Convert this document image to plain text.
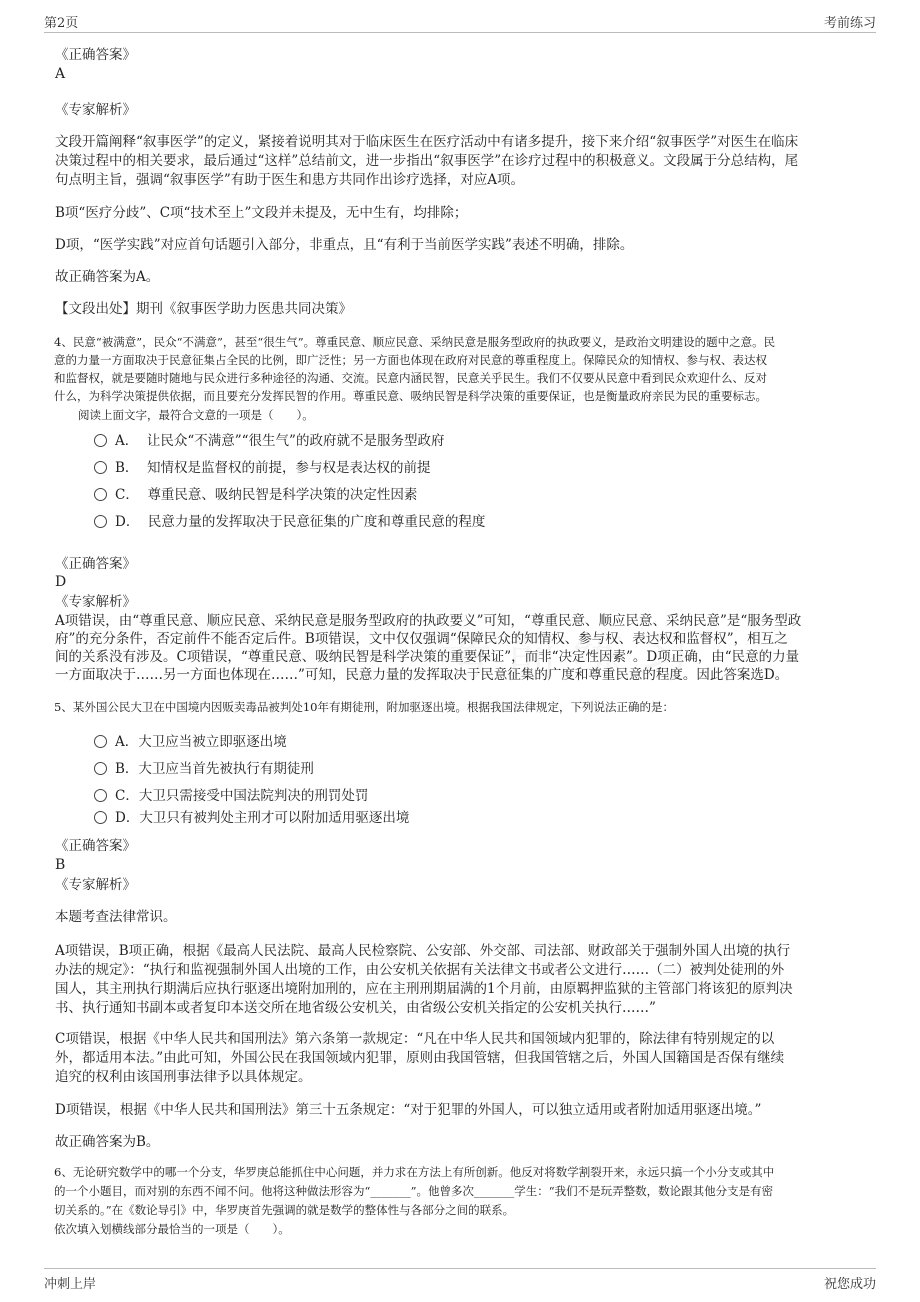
第2页	考前练习
《正确答案》
A
《专家解析》
文段开篇阐释“叙事医学”的定义，紧接着说明其对于临床医生在医疗活动中有诸多提升，接下来介绍“叙事医学”对医生在临床
决策过程中的相关要求，最后通过“这样”总结前文，进一步指出“叙事医学”在诊疗过程中的积极意义。文段属于分总结构，尾
句点明主旨，强调“叙事医学”有助于医生和患方共同作出诊疗选择，对应A项。
B项“医疗分歧”、C项“技术至上”文段并未提及，无中生有，均排除；
D项，“医学实践”对应首句话题引入部分，非重点，且“有利于当前医学实践”表述不明确，排除。
故正确答案为A。
【文段出处】期刊《叙事医学助力医患共同决策》
4、民意“被满意”，民众“不满意”，甚至“很生气”。尊重民意、顺应民意、采纳民意是服务型政府的执政要义，是政治文明建设的题中之意。民
意的力量一方面取决于民意征集占全民的比例，即广泛性；另一方面也体现在政府对民意的尊重程度上。保障民众的知情权、参与权、表达权
和监督权，就是要随时随地与民众进行多种途径的沟通、交流。民意内涵民智，民意关乎民生。我们不仅要从民意中看到民众欢迎什么、反对
什么，为科学决策提供依据，而且要充分发挥民智的作用。尊重民意、吸纳民智是科学决策的重要保证，也是衡量政府亲民为民的重要标志。
阅读上面文字，最符合文意的一项是（　　）。
A． 让民众“不满意”“很生气”的政府就不是服务型政府
B． 知情权是监督权的前提，参与权是表达权的前提
C． 尊重民意、吸纳民智是科学决策的决定性因素
D． 民意力量的发挥取决于民意征集的广度和尊重民意的程度
《正确答案》
D
《专家解析》
A项错误，由“尊重民意、顺应民意、采纳民意是服务型政府的执政要义”可知，“尊重民意、顺应民意、采纳民意”是“服务型政
府”的充分条件，否定前件不能否定后件。B项错误，文中仅仅强调“保障民众的知情权、参与权、表达权和监督权”，相互之
间的关系没有涉及。C项错误，“尊重民意、吸纳民智是科学决策的重要保证”，而非“决定性因素”。D项正确，由“民意的力量
一方面取决于……另一方面也体现在……”可知，民意力量的发挥取决于民意征集的广度和尊重民意的程度。因此答案选D。
5、某外国公民大卫在中国境内因贩卖毒品被判处10年有期徒刑，附加驱逐出境。根据我国法律规定，下列说法正确的是：
A．大卫应当被立即驱逐出境
B．大卫应当首先被执行有期徒刑
C．大卫只需接受中国法院判决的刑罚处罚
D．大卫只有被判处主刑才可以附加适用驱逐出境
《正确答案》
B
《专家解析》
本题考查法律常识。
A项错误，B项正确，根据《最高人民法院、最高人民检察院、公安部、外交部、司法部、财政部关于强制外国人出境的执行
办法的规定》：“执行和监视强制外国人出境的工作，由公安机关依据有关法律文书或者公文进行……（二）被判处徒刑的外
国人，其主刑执行期满后应执行驱逐出境附加刑的，应在主刑刑期届满的1个月前，由原羁押监狱的主管部门将该犯的原判决
书、执行通知书副本或者复印本送交所在地省级公安机关，由省级公安机关指定的公安机关执行……”
C项错误，根据《中华人民共和国刑法》第六条第一款规定：“凡在中华人民共和国领域内犯罪的，除法律有特别规定的以
外，都适用本法。”由此可知，外国公民在我国领域内犯罪，原则由我国管辖，但我国管辖之后，外国人国籍国是否保有继续
追究的权利由该国刑事法律予以具体规定。
D项错误，根据《中华人民共和国刑法》第三十五条规定：“对于犯罪的外国人，可以独立适用或者附加适用驱逐出境。”
故正确答案为B。
6、无论研究数学中的哪一个分支，华罗庚总能抓住中心问题，并力求在方法上有所创新。他反对将数学割裂开来，永远只搞一个小分支或其中
的一个小题目，而对别的东西不闻不问。他将这种做法形容为“_______”。他曾多次_______学生：“我们不是玩弄整数，数论跟其他分支是有密
切关系的。”在《数论导引》中，华罗庚首先强调的就是数学的整体性与各部分之间的联系。
依次填入划横线部分最恰当的一项是（　　）。
冲刺上岸	祝您成功
